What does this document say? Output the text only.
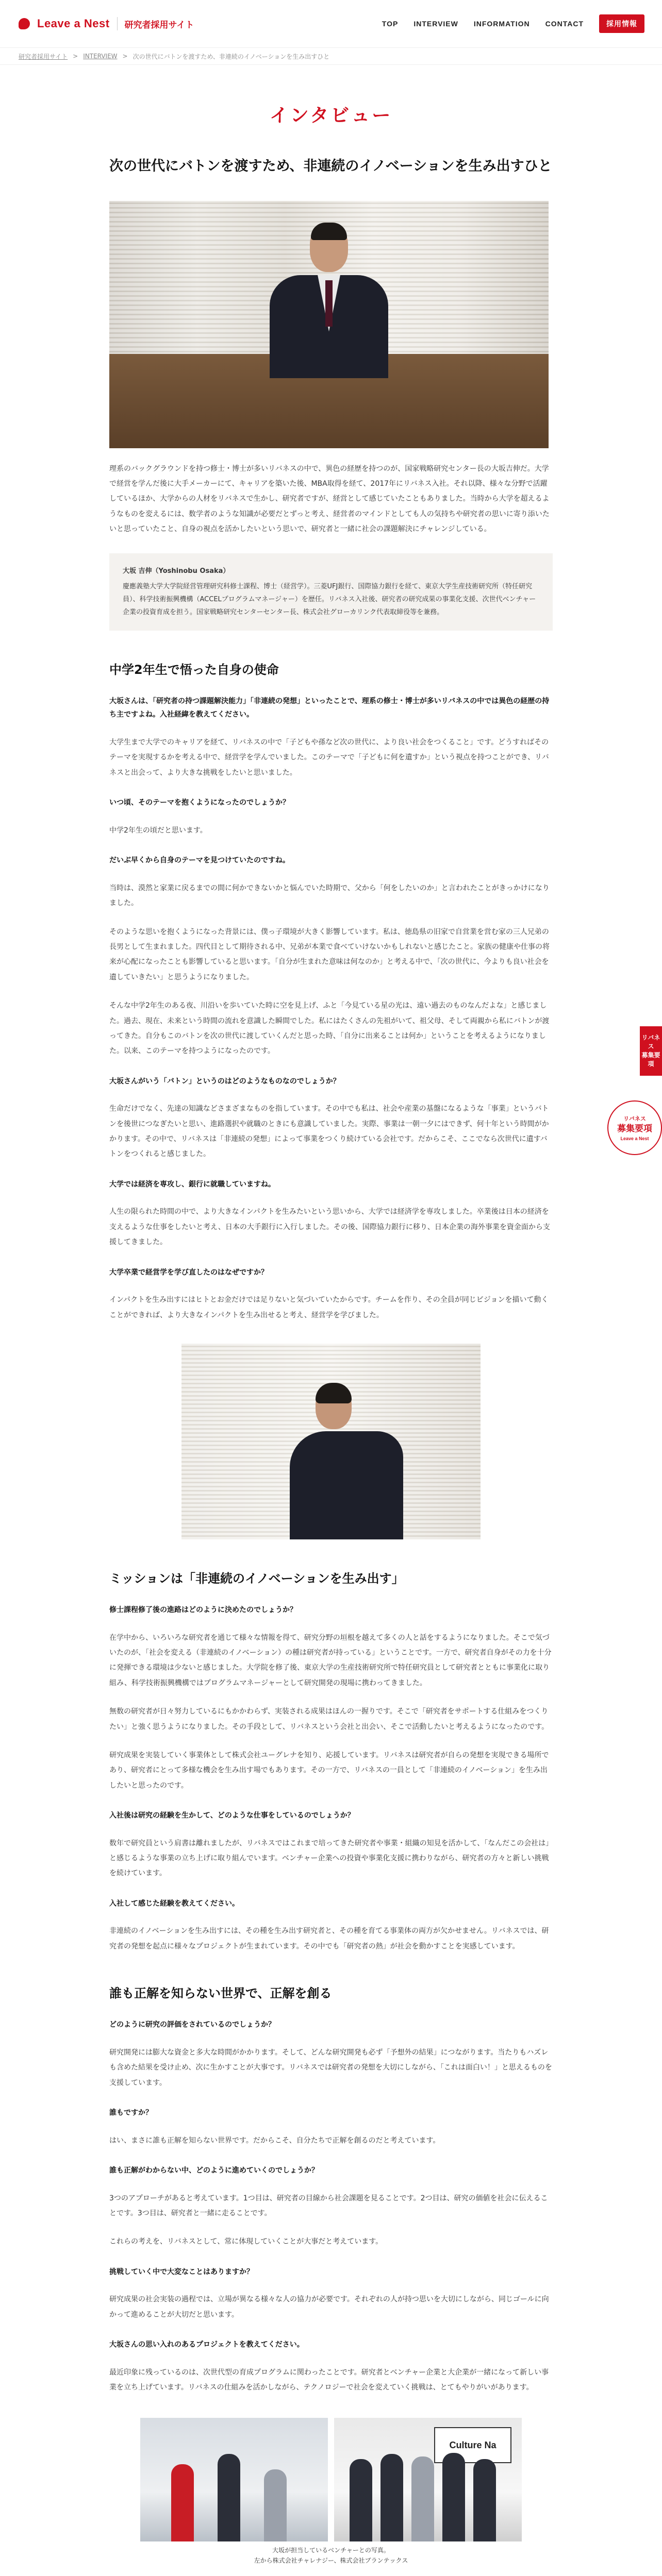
Leave a Nest 研究者採用サイト	TOP INTERVIEW INFORMATION CONTACT	採用情報
研究者採用サイト > INTERVIEW > 次の世代にバトンを渡すため、非連続のイノベーションを生み出すひと
インタビュー
次の世代にバトンを渡すため、非連続のイノベーションを生み出すひと

理系のバックグラウンドを持つ修士・博士が多いリバネスの中で、異色の経歴を持つのが、国家戦略研究センター長の大坂吉伸だ。大学で経営を学んだ後に大手メーカーにて、キャリアを築いた後、MBA取得を経て、2017年にリバネス入社。それ以降、様々な分野で活躍しているほか、大学からの人材をリバネスで生かし、研究者ですが、経営として感じていたこともありました。当時から大学を超えるようなものを変えるには、数学者のような知識が必要だとずっと考え、経営者のマインドとしても人の気持ちや研究者の思いに寄り添いたいと思っていたこと、自身の視点を活かしたいという思いで、研究者と一緒に社会の課題解決にチャレンジしている。

大坂 吉伸（Yoshinobu Osaka）
慶應義塾大学大学院経営管理研究科修士課程、博士（経営学）。三菱UFJ銀行、国際協力銀行を経て、東京大学生産技術研究所（特任研究員）、科学技術振興機構（ACCELプログラムマネージャー）を歴任。リバネス入社後、研究者の研究成果の事業化支援、次世代ベンチャー企業の投資育成を担う。国家戦略研究センターセンター長、株式会社グローカリンク代表取締役等を兼務。
中学2年生で悟った自身の使命

大坂さんは、「研究者の持つ課題解決能力」「非連続の発想」といったことで、理系の修士・博士が多いリバネスの中では異色の経歴の持ち主ですよね。入社経緯を教えてください。

大学生まで大学でのキャリアを経て、リバネスの中で「子どもや孫など次の世代に、より良い社会をつくること」です。どうすればそのテーマを実現するかを考える中で、経営学を学んでいました。このテーマで「子どもに何を遺すか」という視点を持つことができ、リバネスと出会って、より大きな挑戦をしたいと思いました。

いつ頃、そのテーマを抱くようになったのでしょうか？

中学2年生の頃だと思います。

だいぶ早くから自身のテーマを見つけていたのですね。

当時は、漠然と家業に戻るまでの間に何かできないかと悩んでいた時期で、父から「何をしたいのか」と言われたことがきっかけになりました。

そのような思いを抱くようになった背景には、僕っ子環境が大きく影響しています。私は、徳島県の旧家で自営業を営む家の三人兄弟の長男として生まれました。四代目として期待される中、兄弟が本業で食べていけないかもしれないと感じたこと。家族の健康や仕事の将来が心配になったことも影響していると思います。「自分が生まれた意味は何なのか」と考える中で、「次の世代に、今よりも良い社会を遺していきたい」と思うようになりました。

そんな中学2年生のある夜、川沿いを歩いていた時に空を見上げ、ふと「今見ている星の光は、遠い過去のものなんだよな」と感じました。過去、現在、未来という時間の流れを意識した瞬間でした。私にはたくさんの先祖がいて、祖父母、そして両親から私にバトンが渡ってきた。自分もこのバトンを次の世代に渡していくんだと思った時、「自分に出来ることは何か」ということを考えるようになりました。以来、このテーマを持つようになったのです。

大坂さんがいう「バトン」というのはどのようなものなのでしょうか？

生命だけでなく、先達の知識などさまざまなものを指しています。その中でも私は、社会や産業の基盤になるような「事業」というバトンを後世につなぎたいと思い、進路選択や就職のときにも意識していました。実際、事業は一朝一夕にはできず、何十年という時間がかかります。その中で、リバネスは「非連続の発想」によって事業をつくり続けている会社です。だからこそ、ここでなら次世代に遺すバトンをつくれると感じました。

大学では経済を専攻し、銀行に就職していますね。

人生の限られた時間の中で、より大きなインパクトを生みたいという思いから、大学では経済学を専攻しました。卒業後は日本の経済を支えるような仕事をしたいと考え、日本の大手銀行に入行しました。その後、国際協力銀行に移り、日本企業の海外事業を資金面から支援してきました。

大学卒業で経営学を学び直したのはなぜですか？

インパクトを生み出すにはヒトとお金だけでは足りないと気づいていたからです。チームを作り、その全員が同じビジョンを描いて動くことができれば、より大きなインパクトを生み出せると考え、経営学を学びました。

ミッションは「非連続のイノベーションを生み出す」

修士課程修了後の進路はどのように決めたのでしょうか？

在学中から、いろいろな研究者を通じて様々な情報を得て、研究分野の垣根を越えて多くの人と話をするようになりました。そこで気づいたのが、「社会を変える（非連続のイノベーション）の種は研究者が持っている」ということです。一方で、研究者自身がその力を十分に発揮できる環境は少ないと感じました。大学院を修了後、東京大学の生産技術研究所で特任研究員として研究者とともに事業化に取り組み、科学技術振興機構ではプログラムマネージャーとして研究開発の現場に携わってきました。

無数の研究者が日々努力しているにもかかわらず、実装される成果はほんの一握りです。そこで「研究者をサポートする仕組みをつくりたい」と強く思うようになりました。その手段として、リバネスという会社と出会い、そこで活動したいと考えるようになったのです。

研究成果を実装していく事業体として株式会社ユーグレナを知り、応援しています。リバネスは研究者が自らの発想を実現できる場所であり、研究者にとって多様な機会を生み出す場でもあります。その一方で、リバネスの一員として「非連続のイノベーション」を生み出したいと思ったのです。

入社後は研究の経験を生かして、どのような仕事をしているのでしょうか？

数年で研究員という肩書は離れましたが、リバネスではこれまで培ってきた研究者や事業・組織の知見を活かして、「なんだこの会社は」と感じるような事業の立ち上げに取り組んでいます。ベンチャー企業への投資や事業化支援に携わりながら、研究者の方々と新しい挑戦を続けています。

入社して感じた経験を教えてください。

非連続のイノベーションを生み出すには、その種を生み出す研究者と、その種を育てる事業体の両方が欠かせません。リバネスでは、研究者の発想を起点に様々なプロジェクトが生まれています。その中でも「研究者の熱」が社会を動かすことを実感しています。

誰も正解を知らない世界で、正解を創る

どのように研究の評価をされているのでしょうか？

研究開発には膨大な資金と多大な時間がかかります。そして、どんな研究開発も必ず「予想外の結果」につながります。当たりもハズレも含めた結果を受け止め、次に生かすことが大事です。リバネスでは研究者の発想を大切にしながら、「これは面白い！」と思えるものを支援しています。

誰もですか？

はい、まさに誰も正解を知らない世界です。だからこそ、自分たちで正解を創るのだと考えています。

誰も正解がわからない中、どのように進めていくのでしょうか？

3つのアプローチがあると考えています。1つ目は、研究者の目線から社会課題を見ることです。2つ目は、研究の価値を社会に伝えることです。3つ目は、研究者と一緒に走ることです。

これらの考えを、リバネスとして、常に体現していくことが大事だと考えています。

挑戦していく中で大変なことはありますか？

研究成果の社会実装の過程では、立場が異なる様々な人の協力が必要です。それぞれの人が持つ思いを大切にしながら、同じゴールに向かって進めることが大切だと思います。

大坂さんの思い入れのあるプロジェクトを教えてください。

最近印象に残っているのは、次世代型の育成プログラムに関わったことです。研究者とベンチャー企業と大企業が一緒になって新しい事業を立ち上げています。リバネスの仕組みを活かしながら、テクノロジーで社会を変えていく挑戦は、とてもやりがいがあります。

Culture Na

大坂が担当しているベンチャーとの写真。
左から株式会社チャレナジー、株式会社ブランテックス

リバネス
募集要項
リバネス
募集要項
Leave a Nest
